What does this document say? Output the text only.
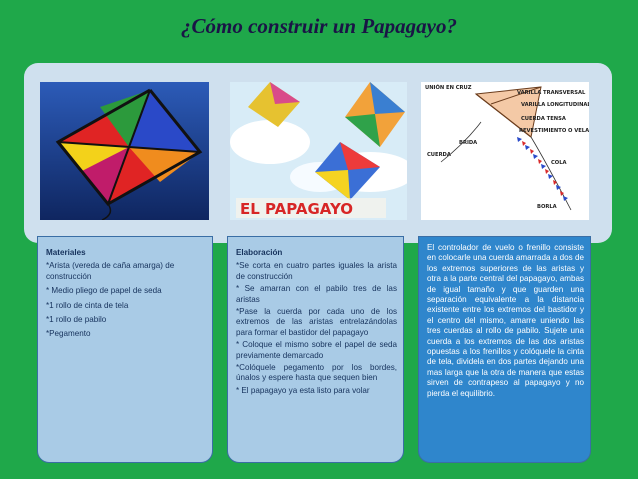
¿Cómo construir un Papagayo?
EL PAPAGAYO
UNIÓN EN CRUZ
VARILLA TRANSVERSAL
VARILLA LONGITUDINAL
CUERDA TENSA
REVESTIMIENTO O VELA
BRIDA
CUERDA
COLA
BORLA
Materiales

*Arista (vereda de caña amarga) de construcción

* Medio pliego de papel de seda

*1 rollo de cinta de tela

*1 rollo de pabilo

*Pegamento

Elaboración

*Se corta en cuatro partes iguales la arista de construcción

* Se amarran con el pabilo tres de las aristas

*Pase la cuerda por cada uno de los extremos de las aristas entrelazándolas para formar el bastidor del papagayo

* Coloque el mismo sobre el papel de seda previamente demarcado

*Colóquele pegamento por los bordes, únalos y espere hasta que sequen bien

* El papagayo ya esta listo para volar

El controlador de vuelo o frenillo consiste en colocarle una cuerda amarrada a dos de los extremos superiores de las aristas y otra a la parte central del papagayo, ambas de igual tamaño y que guarden una separación equivalente a la distancia existente entre los extremos del bastidor y el centro del mismo, amarre uniendo las tres cuerdas al rollo de pabilo. Sujete una cuerda a los extremos de las dos aristas opuestas a los frenillos y colóquele la cinta de tela, dividela en dos partes dejando una mas larga que la otra de manera que estas sirven de contrapeso al papagayo y no pierda el equilibrio.
